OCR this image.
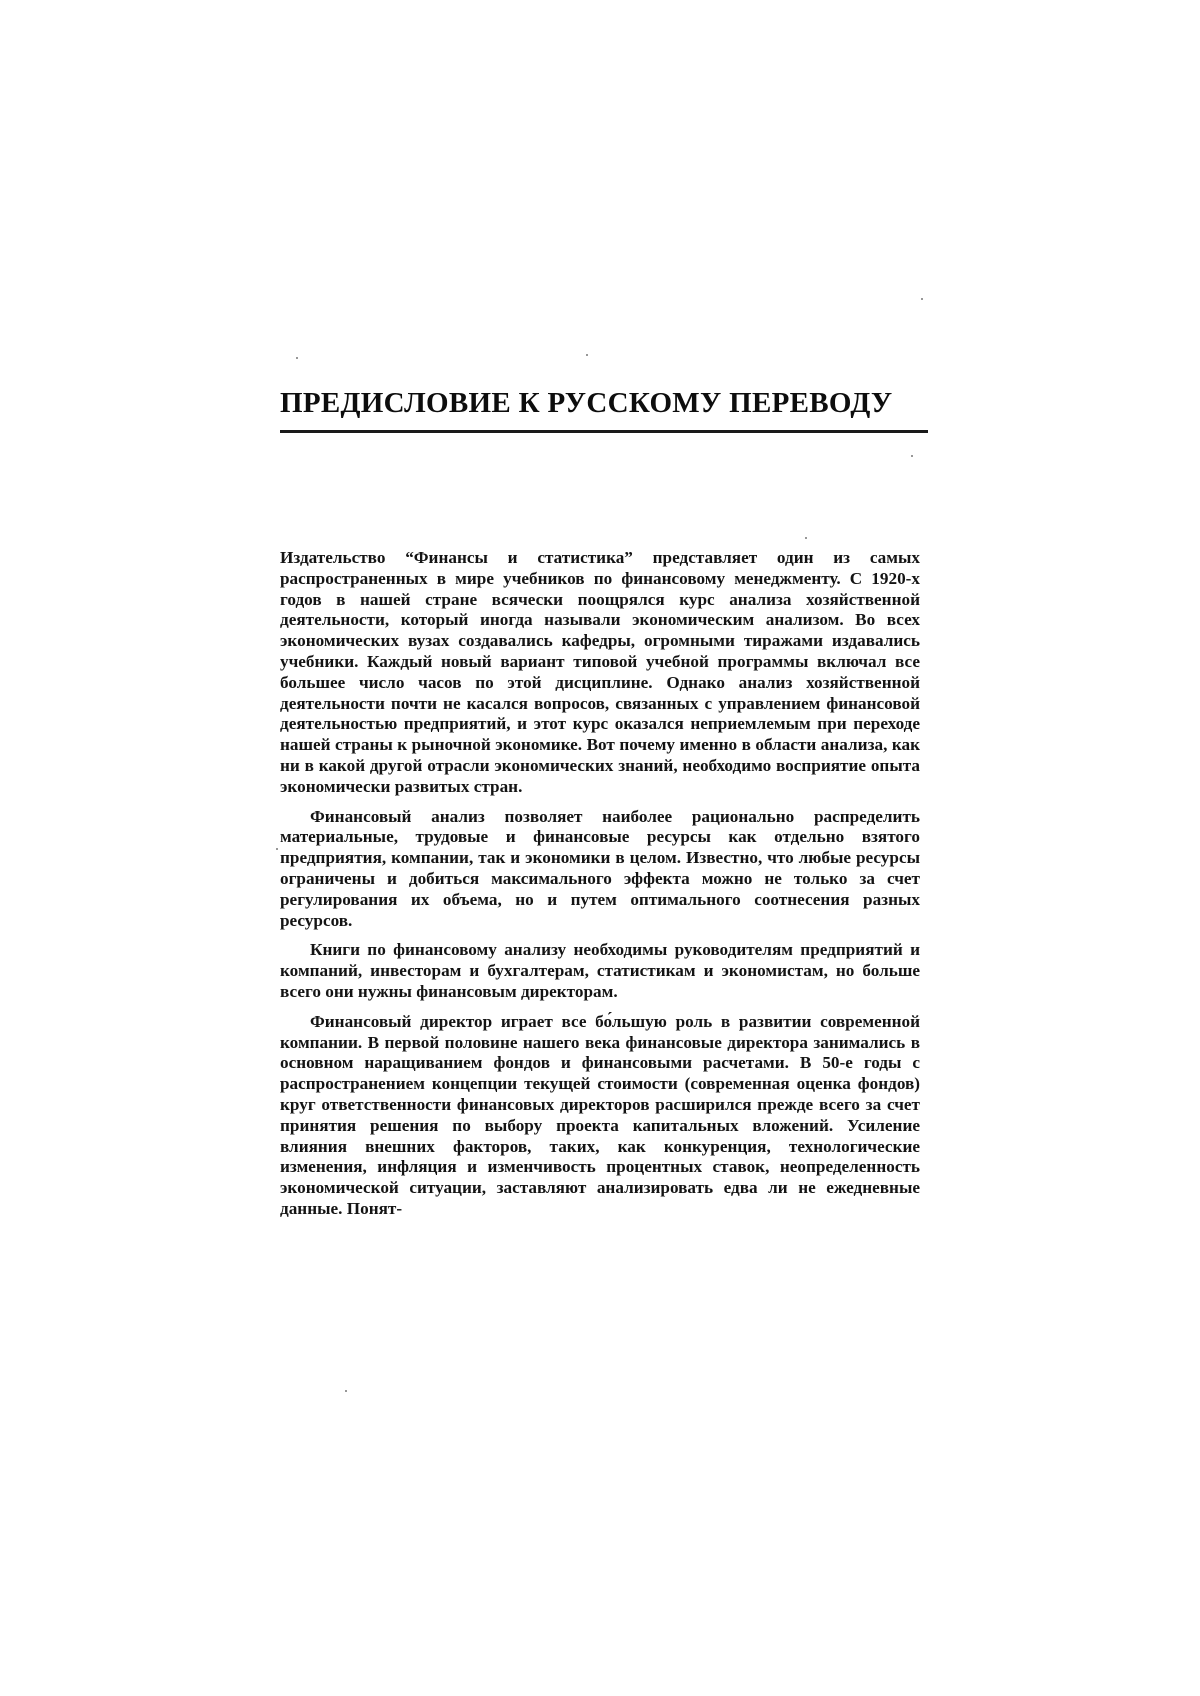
ПРЕДИСЛОВИЕ К РУССКОМУ ПЕРЕВОДУ

Издательство “Финансы и статистика” представляет один из самых распространенных в мире учебников по финансовому менеджменту. С 1920-х годов в нашей стране всячески поощрялся курс анализа хозяйственной деятельности, который иногда называли экономическим анализом. Во всех экономических вузах создавались кафедры, огромными тиражами издавались учебники. Каждый новый вариант типовой учебной программы включал все большее число часов по этой дисциплине. Однако анализ хозяйственной деятельности почти не касался вопросов, связанных с управлением финансовой деятельностью предприятий, и этот курс оказался неприемлемым при переходе нашей страны к рыночной экономике. Вот почему именно в области анализа, как ни в какой другой отрасли экономических знаний, необходимо восприятие опыта экономически развитых стран.

Финансовый анализ позволяет наиболее рационально распределить материальные, трудовые и финансовые ресурсы как отдельно взятого предприятия, компании, так и экономики в целом. Известно, что любые ресурсы ограничены и добиться максимального эффекта можно не только за счет регулирования их объема, но и путем оптимального соотнесения разных ресурсов.

Книги по финансовому анализу необходимы руководителям предприятий и компаний, инвесторам и бухгалтерам, статистикам и экономистам, но больше всего они нужны финансовым директорам.

Финансовый директор играет все бо́льшую роль в развитии современной компании. В первой половине нашего века финансовые директора занимались в основном наращиванием фондов и финансовыми расчетами. В 50-е годы с распространением концепции текущей стоимости (современная оценка фондов) круг ответственности финансовых директоров расширился прежде всего за счет принятия решения по выбору проекта капитальных вложений. Усиление влияния внешних факторов, таких, как конкуренция, технологические изменения, инфляция и изменчивость процентных ставок, неопределенность экономической ситуации, заставляют анализировать едва ли не ежедневные данные. Понят-
